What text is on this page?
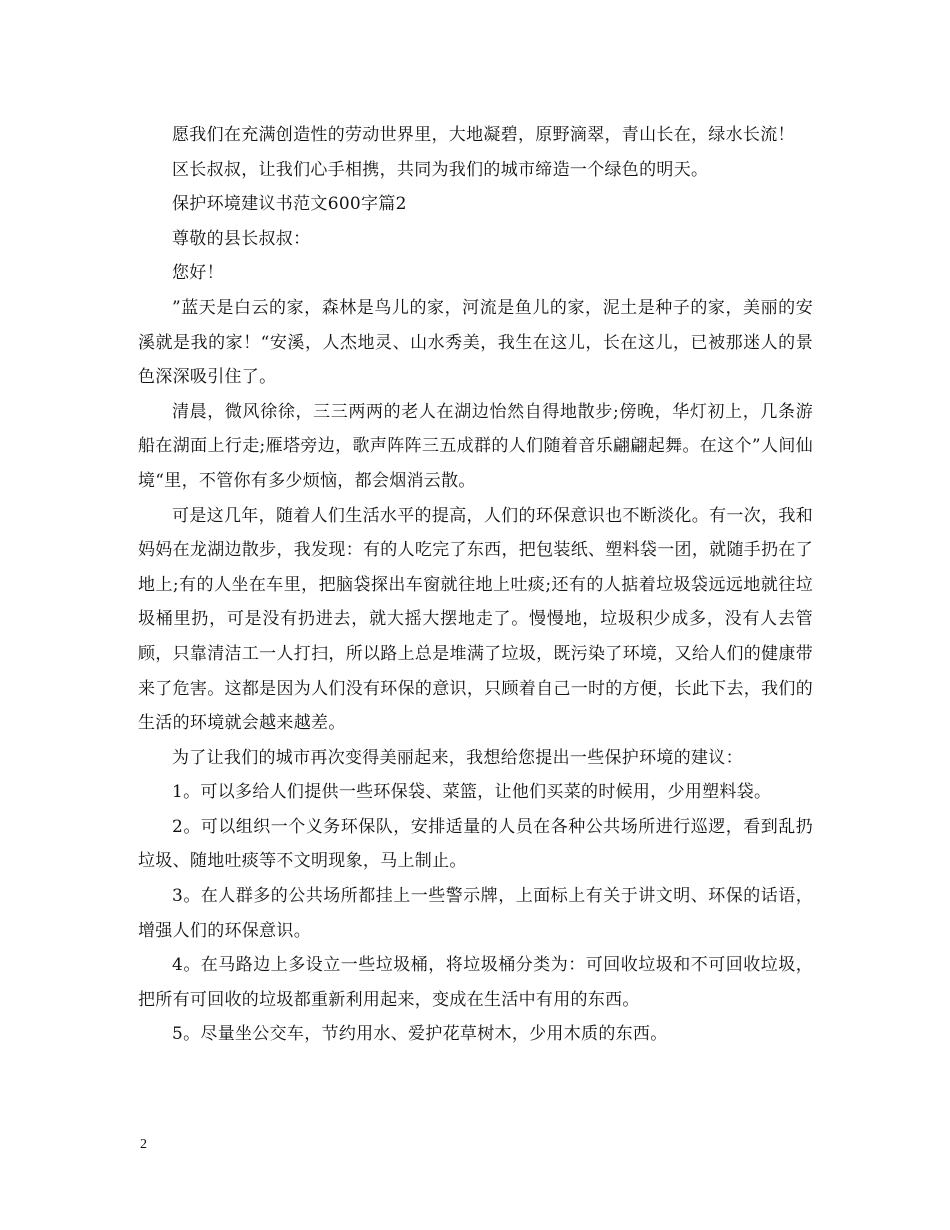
愿我们在充满创造性的劳动世界里，大地凝碧，原野滴翠，青山长在，绿水长流！

区长叔叔，让我们心手相携，共同为我们的城市缔造一个绿色的明天。

保护环境建议书范文600字篇2

尊敬的县长叔叔：

您好！

”蓝天是白云的家，森林是鸟儿的家，河流是鱼儿的家，泥土是种子的家，美丽的安溪就是我的家！“安溪，人杰地灵、山水秀美，我生在这儿，长在这儿，已被那迷人的景色深深吸引住了。

清晨，微风徐徐，三三两两的老人在湖边怡然自得地散步;傍晚，华灯初上，几条游船在湖面上行走;雁塔旁边，歌声阵阵三五成群的人们随着音乐翩翩起舞。在这个”人间仙境“里，不管你有多少烦恼，都会烟消云散。

可是这几年，随着人们生活水平的提高，人们的环保意识也不断淡化。有一次，我和妈妈在龙湖边散步，我发现：有的人吃完了东西，把包装纸、塑料袋一团，就随手扔在了地上;有的人坐在车里，把脑袋探出车窗就往地上吐痰;还有的人掂着垃圾袋远远地就往垃圾桶里扔，可是没有扔进去，就大摇大摆地走了。慢慢地，垃圾积少成多，没有人去管顾，只靠清洁工一人打扫，所以路上总是堆满了垃圾，既污染了环境，又给人们的健康带来了危害。这都是因为人们没有环保的意识，只顾着自己一时的方便，长此下去，我们的生活的环境就会越来越差。

为了让我们的城市再次变得美丽起来，我想给您提出一些保护环境的建议：

1。可以多给人们提供一些环保袋、菜篮，让他们买菜的时候用，少用塑料袋。

2。可以组织一个义务环保队，安排适量的人员在各种公共场所进行巡逻，看到乱扔垃圾、随地吐痰等不文明现象，马上制止。

3。在人群多的公共场所都挂上一些警示牌，上面标上有关于讲文明、环保的话语，增强人们的环保意识。

4。在马路边上多设立一些垃圾桶，将垃圾桶分类为：可回收垃圾和不可回收垃圾，把所有可回收的垃圾都重新利用起来，变成在生活中有用的东西。

5。尽量坐公交车，节约用水、爱护花草树木，少用木质的东西。

2
